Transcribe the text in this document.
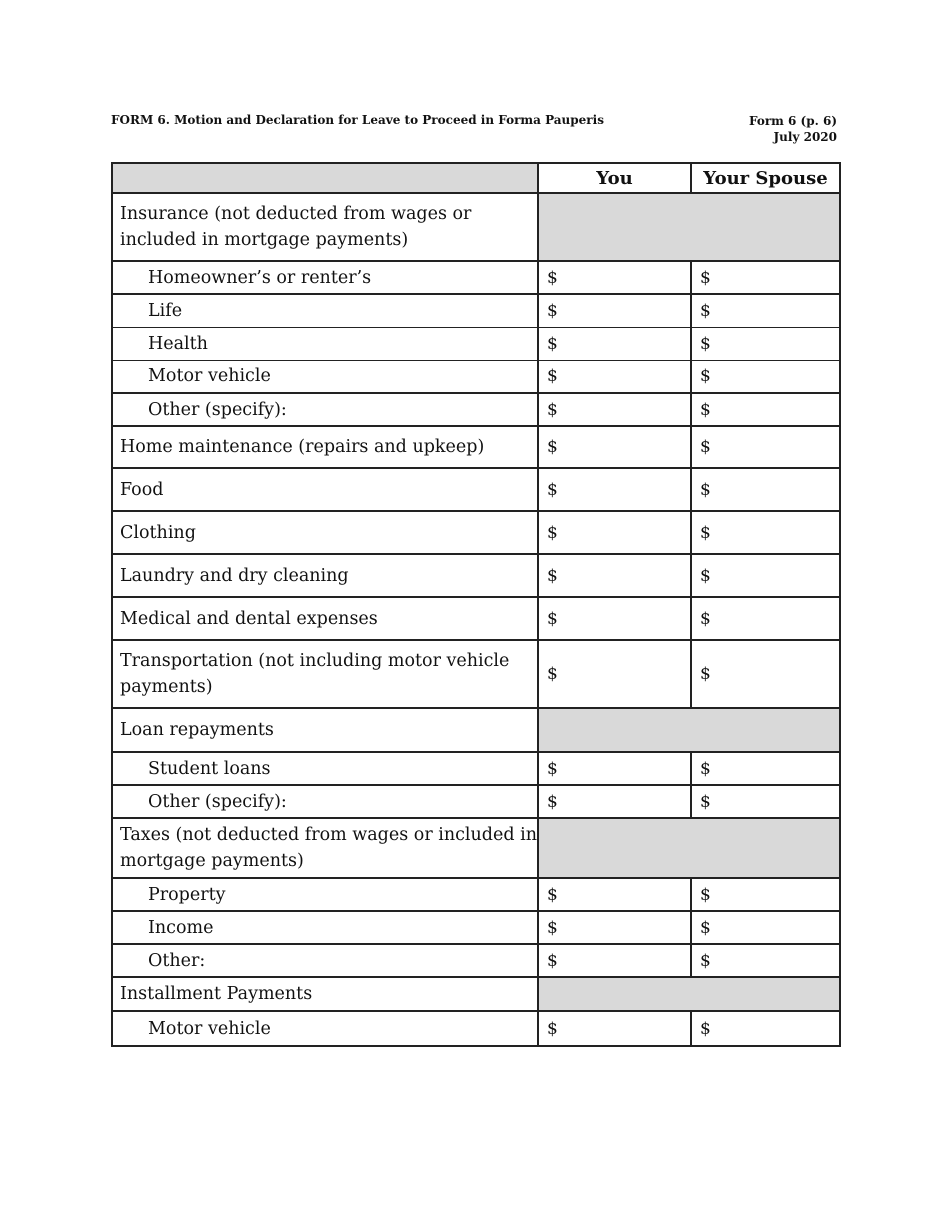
FORM 6. Motion and Declaration for Leave to Proceed in Forma Pauperis	Form 6 (p. 6)
July 2020
	You	Your Spouse
Insurance (not deducted from wages or included in mortgage payments)		
Homeowner’s or renter’s	$	$
Life	$	$
Health	$	$
Motor vehicle	$	$
Other (specify):	$	$
Home maintenance (repairs and upkeep)	$	$
Food	$	$
Clothing	$	$
Laundry and dry cleaning	$	$
Medical and dental expenses	$	$
Transportation (not including motor vehicle payments)	$	$
Loan repayments		
Student loans	$	$
Other (specify):	$	$
Taxes (not deducted from wages or included in mortgage payments)		
Property	$	$
Income	$	$
Other:	$	$
Installment Payments		
Motor vehicle	$	$
